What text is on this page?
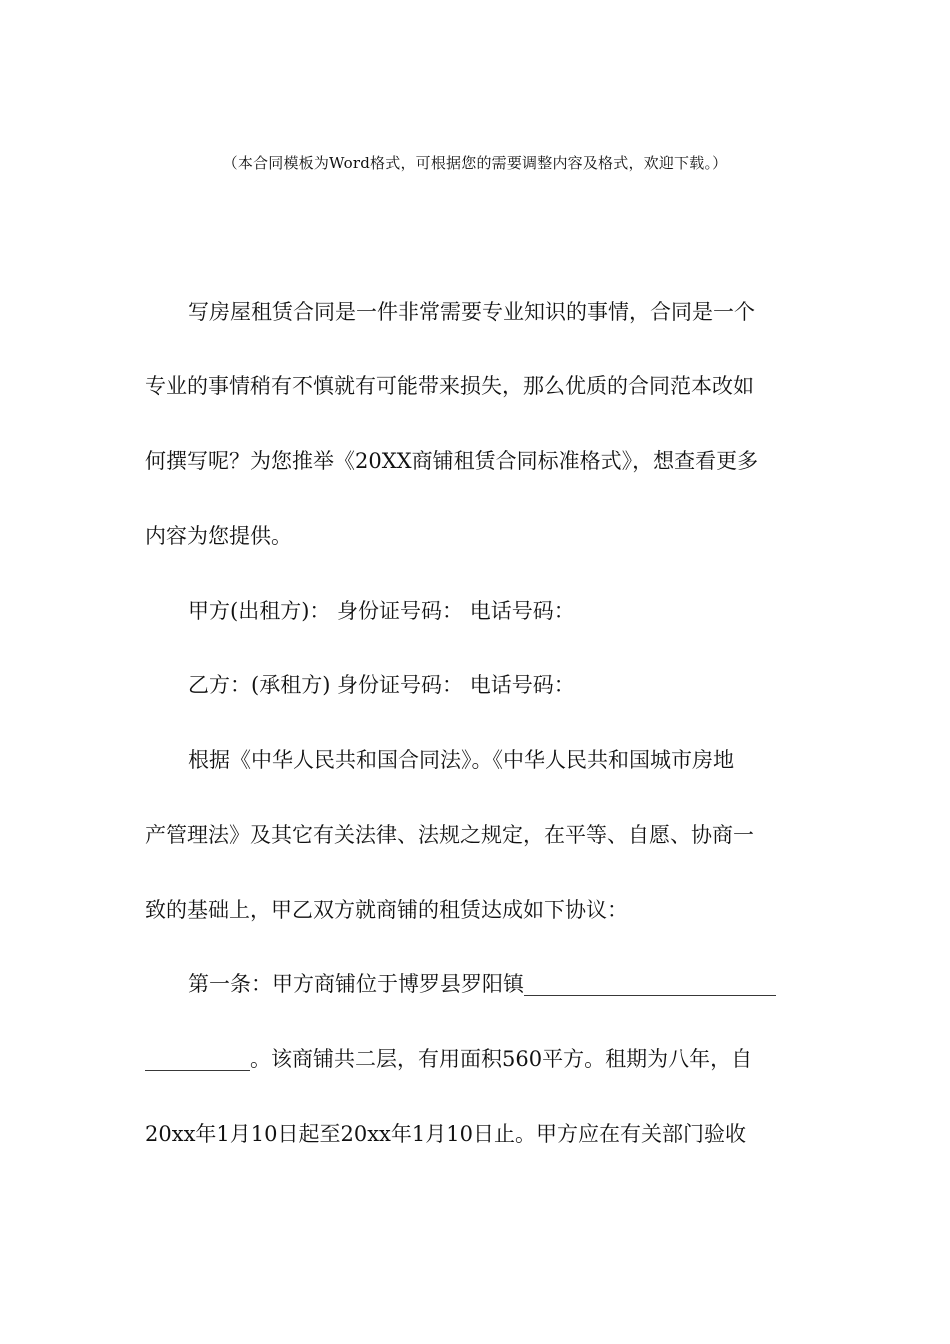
（本合同模板为Word格式，可根据您的需要调整内容及格式，欢迎下载。）
写房屋租赁合同是一件非常需要专业知识的事情，合同是一个
专业的事情稍有不慎就有可能带来损失，那么优质的合同范本改如
何撰写呢？为您推举《20XX商铺租赁合同标准格式》，想查看更多
内容为您提供。
甲方(出租方)： 身份证号码： 电话号码：
乙方：(承租方) 身份证号码： 电话号码：
根据《中华人民共和国合同法》。《中华人民共和国城市房地
产管理法》及其它有关法律、法规之规定，在平等、自愿、协商一
致的基础上，甲乙双方就商铺的租赁达成如下协议：
第一条：甲方商铺位于博罗县罗阳镇________________________
__________。该商铺共二层，有用面积560平方。租期为八年，自
20xx年1月10日起至20xx年1月10日止。甲方应在有关部门验收
